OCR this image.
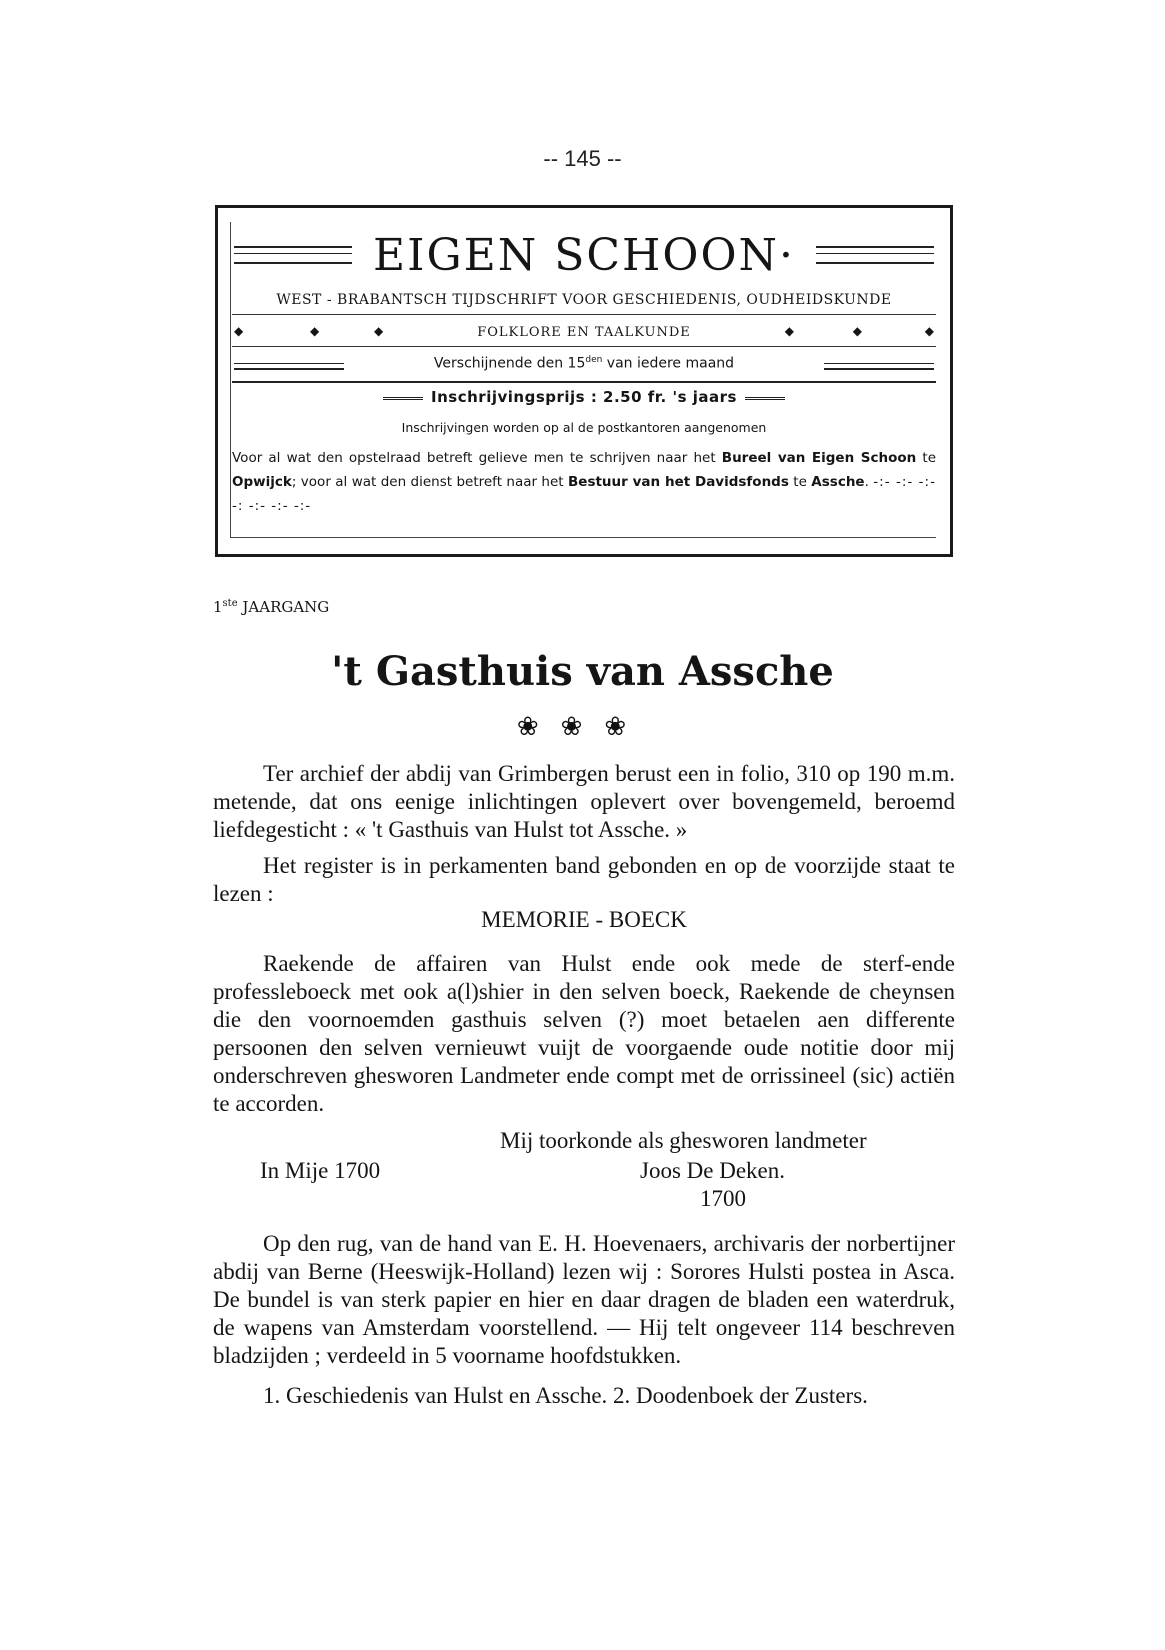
-- 145 --
EIGEN SCHOON·
WEST - BRABANTSCH TIJDSCHRIFT VOOR GESCHIEDENIS, OUDHEIDSKUNDE
◆	◆	◆	FOLKLORE EN TAALKUNDE	◆	◆	◆
Verschijnende den $15^{den}$ van iedere maand
Inschrijvingsprijs : 2.50 fr. 's jaars
Inschrijvingen worden op al de postkantoren aangenomen
Voor al wat den opstelraad betreft gelieve men te schrijven naar het Bureel van Eigen Schoon te Opwijck; voor al wat den dienst betreft naar het Bestuur van het Davidsfonds te Assche. -:- -:- -:- -: -:- -:- -:-
1ste JAARGANG
't Gasthuis van Assche
❀❀❀

Ter archief der abdij van Grimbergen berust een in folio, 310 op 190 m.m. metende, dat ons eenige inlichtingen oplevert over bovengemeld, beroemd liefdegesticht : « 't Gasthuis van Hulst tot Assche. »

Het register is in perkamenten band gebonden en op de voorzijde staat te lezen :

MEMORIE - BOECK

Raekende de affairen van Hulst ende ook mede de sterf-ende professleboeck met ook a(l)shier in den selven boeck, Raekende de cheynsen die den voornoemden gasthuis selven (?) moet betaelen aen differente persoonen den selven vernieuwt vuijt de voorgaende oude notitie door mij onderschreven ghesworen Landmeter ende compt met de orrissineel (sic) actiën te accorden.

Mij toorkonde als ghesworen landmeter
In Mije 1700	Joos De Deken.
1700

Op den rug, van de hand van E. H. Hoevenaers, archivaris der norbertijner abdij van Berne (Heeswijk-Holland) lezen wij : Sorores Hulsti postea in Asca. De bundel is van sterk papier en hier en daar dragen de bladen een waterdruk, de wapens van Amsterdam voorstellend. — Hij telt ongeveer 114 beschreven bladzijden ; verdeeld in 5 voorname hoofdstukken.

1. Geschiedenis van Hulst en Assche. 2. Doodenboek der Zusters.
